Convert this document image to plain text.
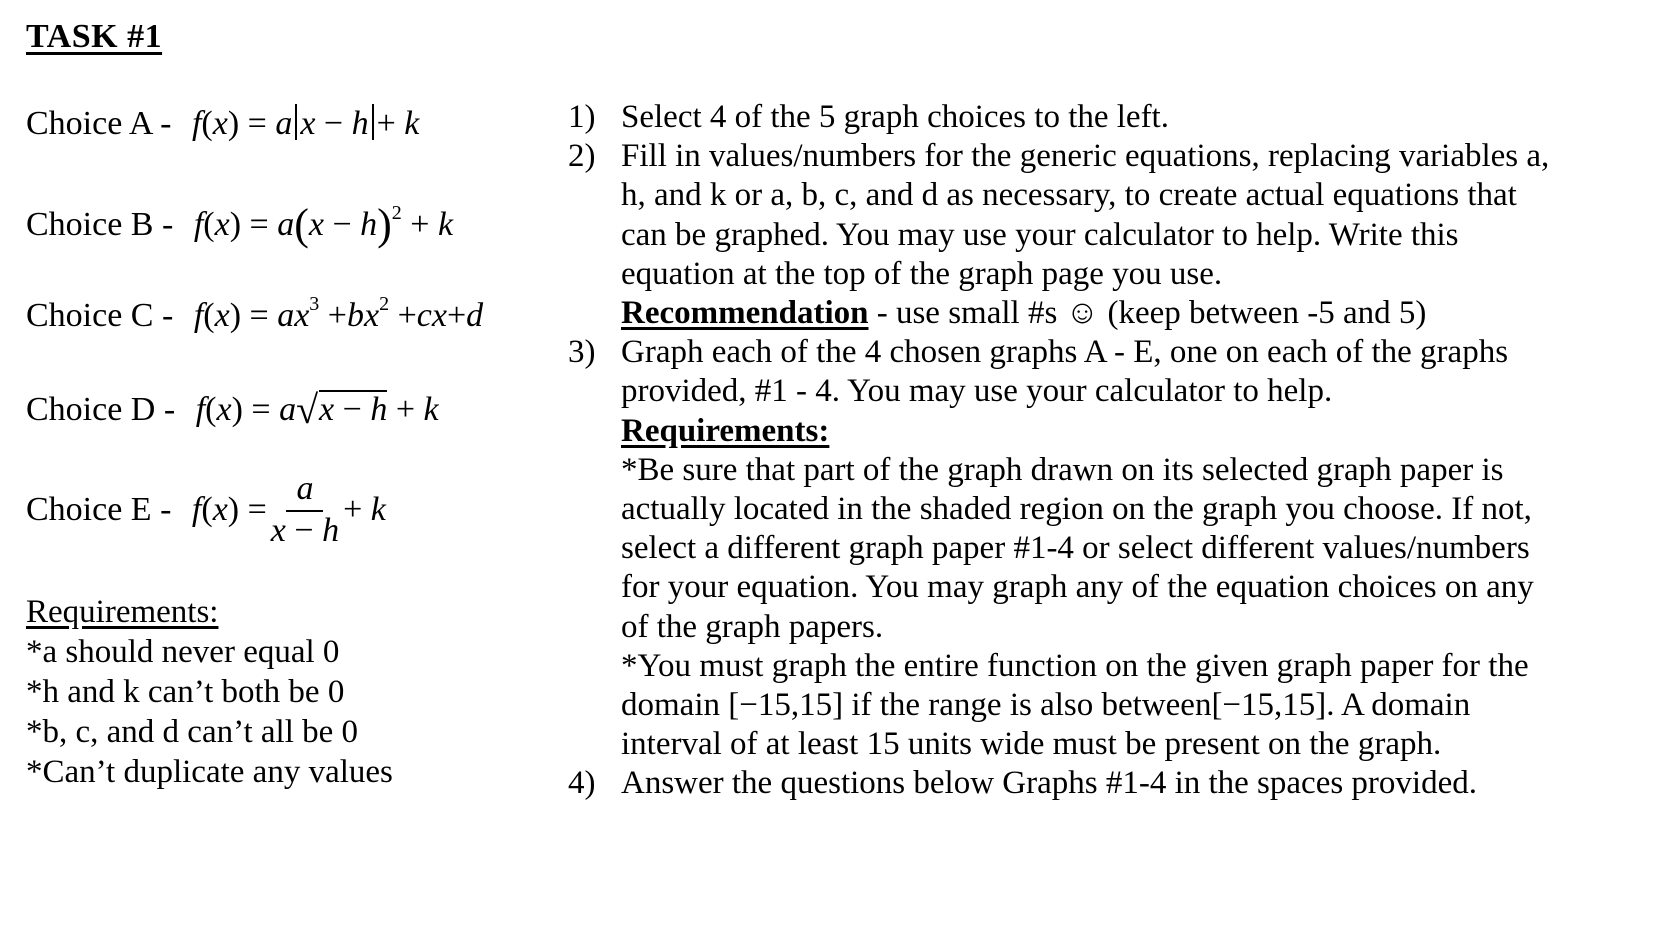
TASK #1
Choice A - f(x) = a x − h + k
Choice $B - f(x) = a(x - h)^2 + k$
Choice $C - f(x) = ax^3 +bx^2 +cx+d$
Choice D - f(x) = a√x − h + k
Choice $E - f(x) = \frac{a}{x - h} + k$
Requirements:
*a should never equal 0
*h and k can’t both be 0
*b, c, and d can’t all be 0
*Can’t duplicate any values
1) Select 4 of the 5 graph choices to the left.

2) Fill in values/numbers for the generic equations, replacing variables a, h, and k or a, b, c, and d as necessary, to create actual equations that can be graphed. You may use your calculator to help. Write this equation at the top of the graph page you use.

Recommendation - use small #s ☺ (keep between -5 and 5)

3) Graph each of the 4 chosen graphs A - E, one on each of the graphs provided, #1 - 4. You may use your calculator to help.

Requirements:

*Be sure that part of the graph drawn on its selected graph paper is actually located in the shaded region on the graph you choose. If not, select a different graph paper #1-4 or select different values/numbers for your equation. You may graph any of the equation choices on any of the graph papers.

*You must graph the entire function on the given graph paper for the domain [−15,15] if the range is also between[−15,15]. A domain interval of at least 15 units wide must be present on the graph.

4) Answer the questions below Graphs #1-4 in the spaces provided.
